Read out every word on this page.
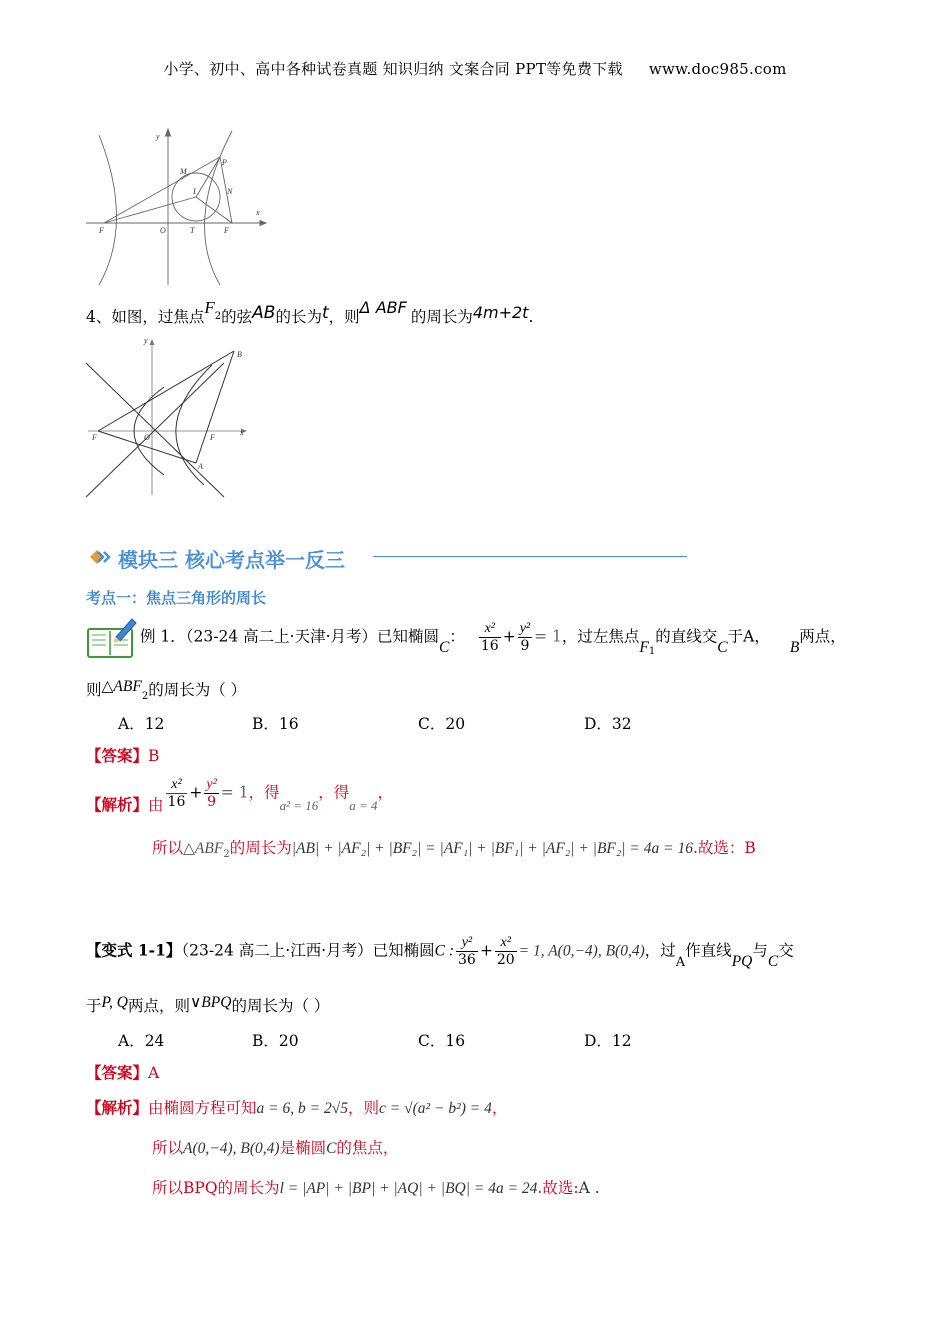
小学、初中、高中各种试卷真题 知识归纳 文案合同 PPT等免费下载 www.doc985.com
y
x
M
P
N
I
F	O	T	F
4、如图，过焦点$F_2$的弦AB的长为t，则Δ ABF 的周长为4m+2t.
y
B
F	O	F
x
A
模块三 核心考点举一反三
考点一：焦点三角形的周长
例 1．（23-24 高二上·天津·月考）已知椭圆C： $\frac{\text{x²}}{16} + \frac{\text{y²}}{9} = 1$，过左焦点$F_1$的直线交C于A，B两点，
则$\triangle ABF_2$的周长为（ ）
A．12	B．16	C．20	D．32
【答案】B
【解析】由 $\frac{\text{x²}}{16} + \frac{\text{y²}}{9} = 1$，得$_{a^2 = 16}$，得$_{a = 4}$，
所以$\triangle ABF_2$的周长为|AB| + |AF₂| + |BF₂| = |AF₁| + |BF₁| + |AF₂| + |BF₂| = 4a = 16.故选：B
【变式 1-1】（23-24 高二上·江西·月考）已知椭圆C : $\frac{\text{y²}}{36} + \frac{\text{x²}}{20} = 1$, A(0,−4), B(0,4)，过$_A$作直线PQ与C交
于P, Q两点，则∨BPQ的周长为（ ）
A．24	B．20	C．16	D．12
【答案】A
【解析】由椭圆方程可知a = 6, b = 2√5，则c = √(a² − b²) = 4，
所以A(0,−4), B(0,4)是椭圆C的焦点，
所以BPQ的周长为l = |AP| + |BP| + |AQ| + |BQ| = 4a = 24.故选:A .
